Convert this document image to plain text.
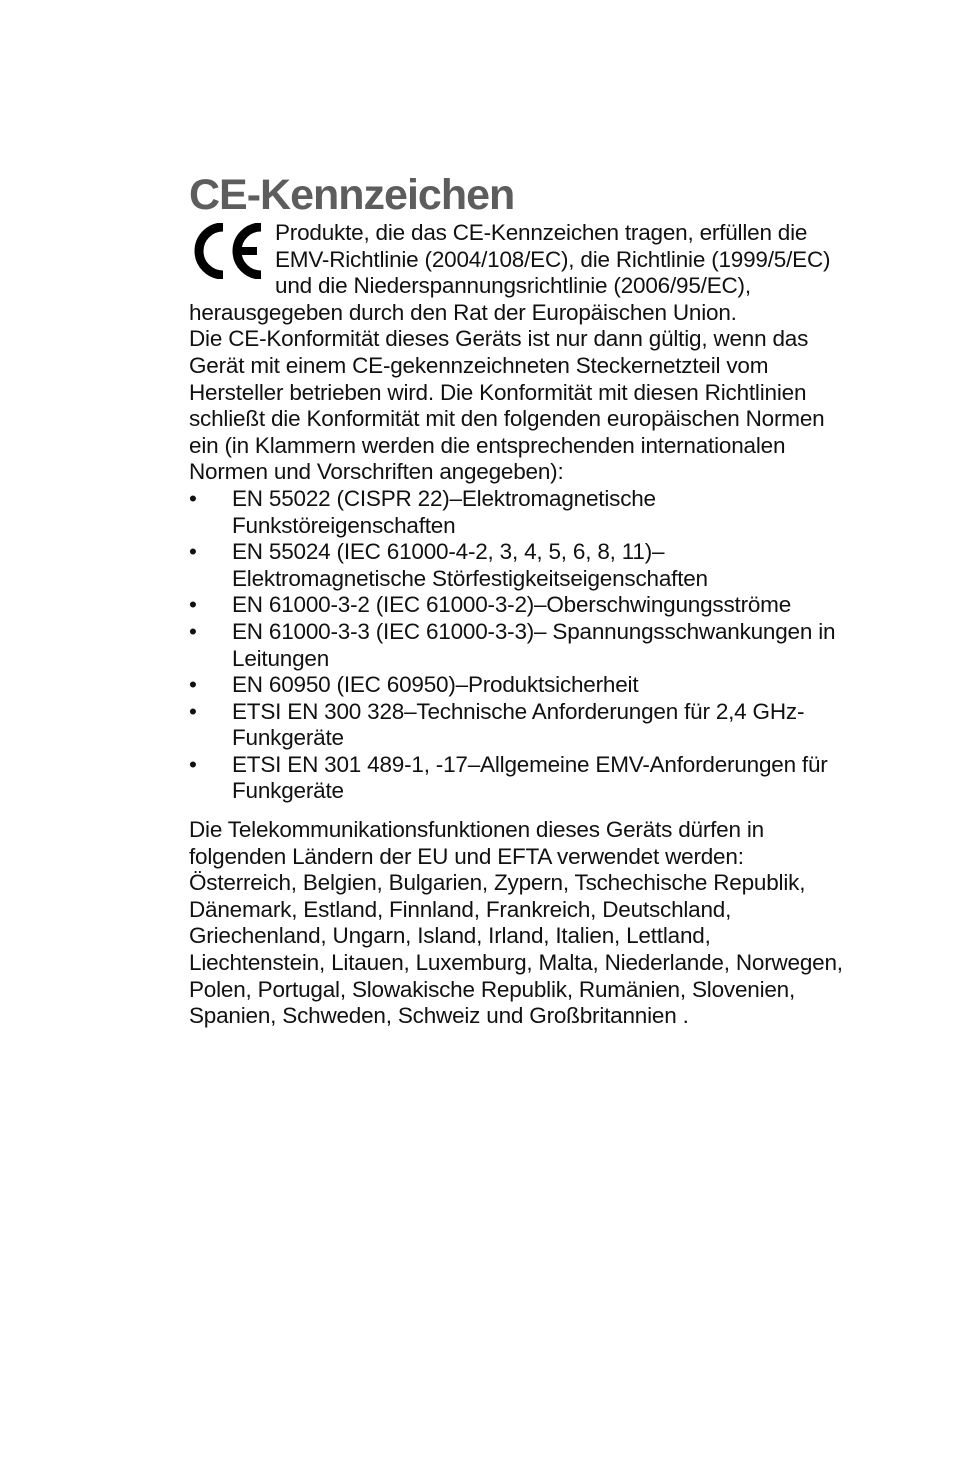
CE-Kennzeichen

Produkte, die das CE-Kennzeichen tragen, erfüllen die EMV-Richtlinie (2004/108/EC), die Richtlinie (1999/5/EC) und die Niederspannungsrichtlinie (2006/95/EC), herausgegeben durch den Rat der Europäischen Union.

Die CE-Konformität dieses Geräts ist nur dann gültig, wenn das Gerät mit einem CE-gekennzeichneten Steckernetzteil vom Hersteller betrieben wird. Die Konformität mit diesen Richtlinien schließt die Konformität mit den folgenden europäischen Normen ein (in Klammern werden die entsprechenden internationalen Normen und Vorschriften angegeben):

• EN 55022 (CISPR 22)–Elektromagnetische Funkstöreigenschaften
• EN 55024 (IEC 61000-4-2, 3, 4, 5, 6, 8, 11)– Elektromagnetische Störfestigkeitseigenschaften
• EN 61000-3-2 (IEC 61000-3-2)–Oberschwingungsströme
• EN 61000-3-3 (IEC 61000-3-3)– Spannungsschwankungen in Leitungen
• EN 60950 (IEC 60950)–Produktsicherheit
• ETSI EN 300 328–Technische Anforderungen für 2,4 GHz-Funkgeräte
• ETSI EN 301 489-1, -17–Allgemeine EMV-Anforderungen für Funkgeräte

Die Telekommunikationsfunktionen dieses Geräts dürfen in folgenden Ländern der EU und EFTA verwendet werden: Österreich, Belgien, Bulgarien, Zypern, Tschechische Republik, Dänemark, Estland, Finnland, Frankreich, Deutschland, Griechenland, Ungarn, Island, Irland, Italien, Lettland, Liechtenstein, Litauen, Luxemburg, Malta, Niederlande, Norwegen, Polen, Portugal, Slowakische Republik, Rumänien, Slovenien, Spanien, Schweden, Schweiz und Großbritannien .
